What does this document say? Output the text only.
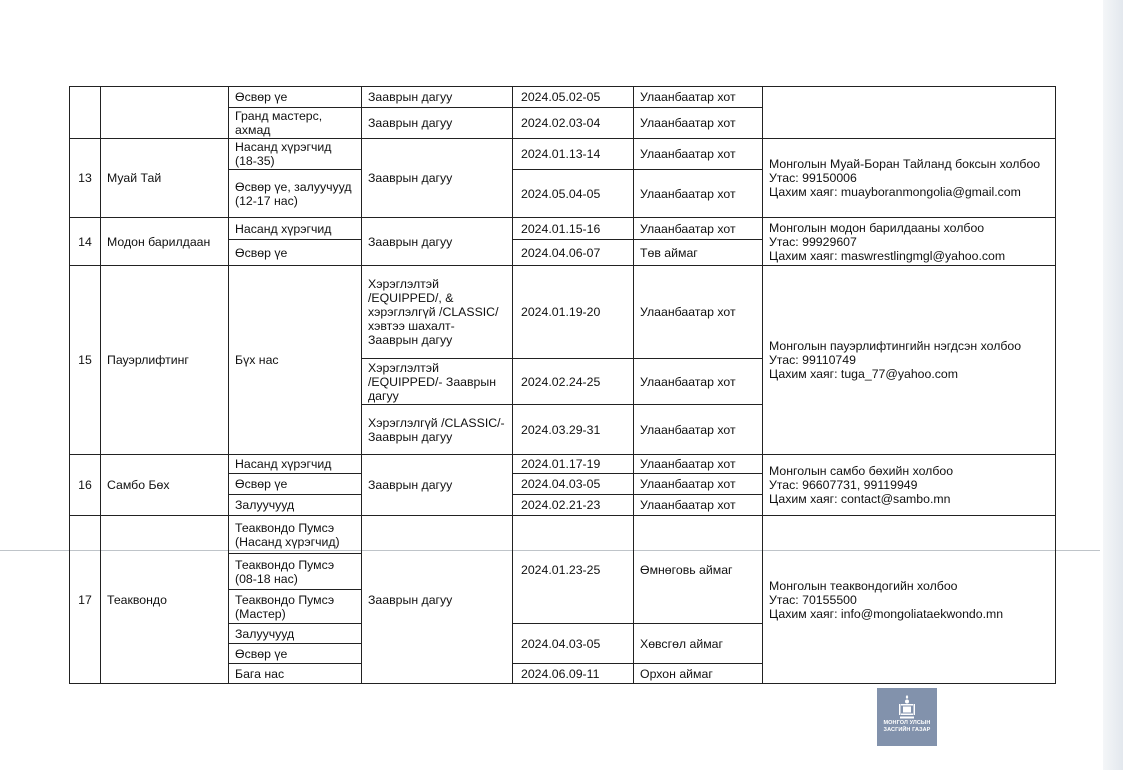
		Өсвөр үе	Зааврын дагуу	2024.05.02-05	Улаанбаатар хот	
		Гранд мастерс, ахмад	Зааврын дагуу	2024.02.03-04	Улаанбаатар хот	
13	Муай Тай	Насанд хүрэгчид (18-35)	Зааврын дагуу	2024.01.13-14	Улаанбаатар хот	Монголын Муай-Боран Тайланд боксын холбоо
Утас: 99150006
Цахим хаяг: muayboranmongolia@gmail.com

		Өсвөр үе, залуучууд (12-17 нас)		2024.05.04-05	Улаанбаатар хот	
14	Модон барилдаан	Насанд хүрэгчид	Зааврын дагуу	2024.01.15-16	Улаанбаатар хот	Монголын модон барилдааны холбоо
Утас: 99929607
Цахим хаяг: maswrestlingmgl@yahoo.com

		Өсвөр үе		2024.04.06-07	Төв аймаг	
15	Пауэрлифтинг	Бүх нас	Хэрэглэлтэй /EQUIPPED/, & хэрэглэлгүй /CLASSIC/ хэвтээ шахалт- Зааврын дагуу	2024.01.19-20	Улаанбаатар хот	Монголын пауэрлифтингийн нэгдсэн холбоо
Утас: 99110749
Цахим хаяг: tuga_77@yahoo.com

			Хэрэглэлтэй /EQUIPPED/- Зааврын дагуу	2024.02.24-25	Улаанбаатар хот	
			Хэрэглэлгүй /CLASSIC/- Зааврын дагуу	2024.03.29-31	Улаанбаатар хот	
16	Самбо Бөх	Насанд хүрэгчид	Зааврын дагуу	2024.01.17-19	Улаанбаатар хот	Монголын самбо бөхийн холбоо
Утас: 96607731, 99119949
Цахим хаяг: contact@sambo.mn

		Өсвөр үе		2024.04.03-05	Улаанбаатар хот	
		Залуучууд		2024.02.21-23	Улаанбаатар хот	
17	Теаквондо	Теаквондо Пумсэ (Насанд хүрэгчид)	Зааврын дагуу	2024.01.23-25	Өмнөговь аймаг	Монголын теаквондогийн холбоо
Утас: 70155500
Цахим хаяг: info@mongoliataekwondo.mn

		Теаквондо Пумсэ (08-18 нас)				
		Теаквондо Пумсэ (Мастер)				
		Залуучууд		2024.04.03-05	Хөвсгөл аймаг	
		Өсвөр үе				
		Бага нас		2024.06.09-11	Орхон аймаг	
МОНГОЛ УЛСЫН
ЗАСГИЙН ГАЗАР
